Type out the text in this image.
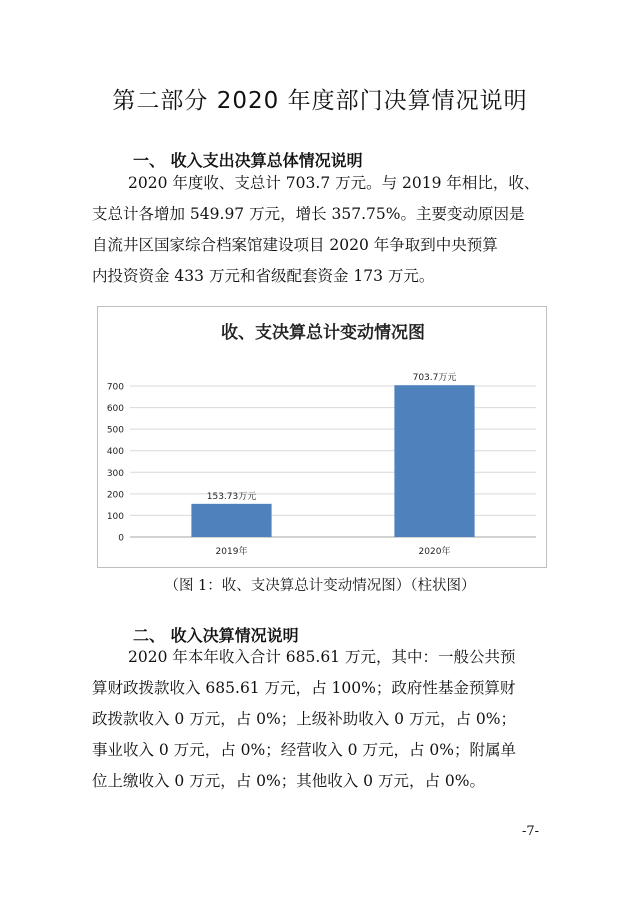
第二部分 2020 年度部门决算情况说明
一、 收入支出决算总体情况说明

2020 年度收、支总计 703.7 万元。与 2019 年相比，收、
支总计各增加 549.97 万元，增长 357.75%。主要变动原因是
自流井区国家综合档案馆建设项目 2020 年争取到中央预算
内投资资金 433 万元和省级配套资金 173 万元。

收、支决算总计变动情况图
0
100
200
300
400
500
600
700
153.73万元
703.7万元
2019年	2020年
（图 1：收、支决算总计变动情况图）（柱状图）
二、 收入决算情况说明

2020 年本年收入合计 685.61 万元，其中：一般公共预
算财政拨款收入 685.61 万元，占 100%；政府性基金预算财
政拨款收入 0 万元，占 0%；上级补助收入 0 万元，占 0%；
事业收入 0 万元，占 0%；经营收入 0 万元，占 0%；附属单
位上缴收入 0 万元，占 0%；其他收入 0 万元，占 0%。

-7-
